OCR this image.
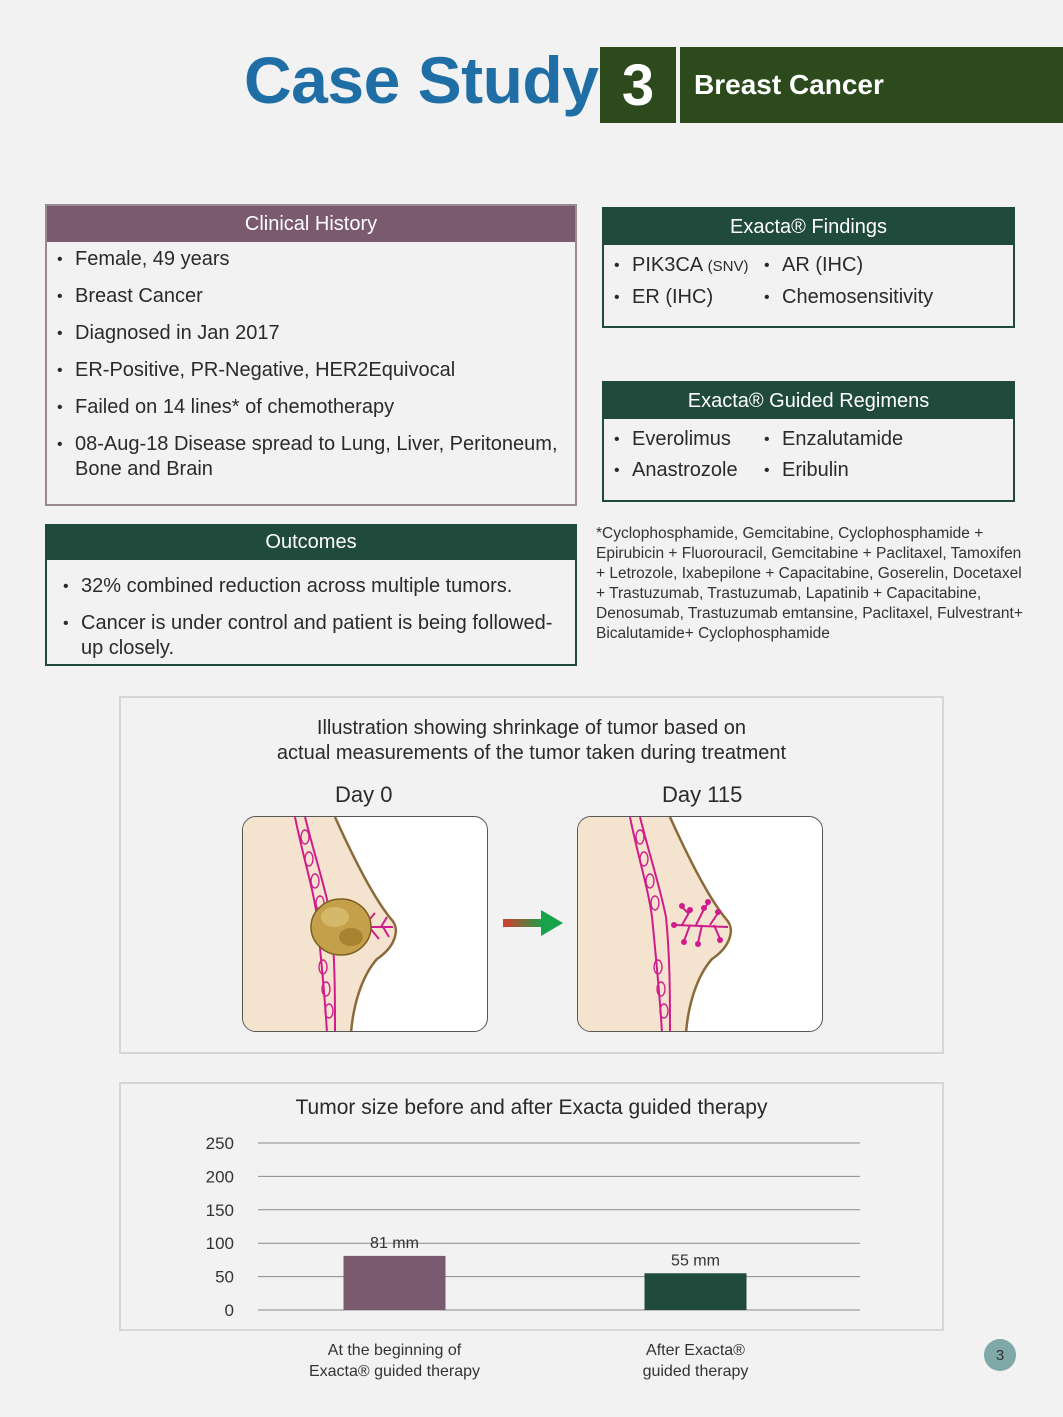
Case Study 3	Breast Cancer
Clinical History
• Female, 49 years
• Breast Cancer
• Diagnosed in Jan 2017
• ER-Positive, PR-Negative, HER2Equivocal
• Failed on 14 lines* of chemotherapy
• 08-Aug-18 Disease spread to Lung, Liver, Peritoneum, Bone and Brain
Exacta® Findings
• PIK3CA (SNV)	• AR (IHC)
• ER (IHC)	• Chemosensitivity
Exacta® Guided Regimens
• Everolimus	• Enzalutamide
• Anastrozole	• Eribulin
Outcomes
• 32% combined reduction across multiple tumors.
• Cancer is under control and patient is being followed-up closely.
*Cyclophosphamide, Gemcitabine, Cyclophosphamide + Epirubicin + Fluorouracil, Gemcitabine + Paclitaxel, Tamoxifen + Letrozole, Ixabepilone + Capacitabine, Goserelin, Docetaxel + Trastuzumab, Trastuzumab, Lapatinib + Capacitabine, Denosumab, Trastuzumab emtansine, Paclitaxel, Fulvestrant+ Bicalutamide+ Cyclophosphamide
Illustration showing shrinkage of tumor based on
actual measurements of the tumor taken during treatment
Day 0	Day 115
Tumor size before and after Exacta guided therapy
0
50
100
150
200
250
81 mm
At the beginning of
Exacta® guided therapy
55 mm
After Exacta®
guided therapy
3
